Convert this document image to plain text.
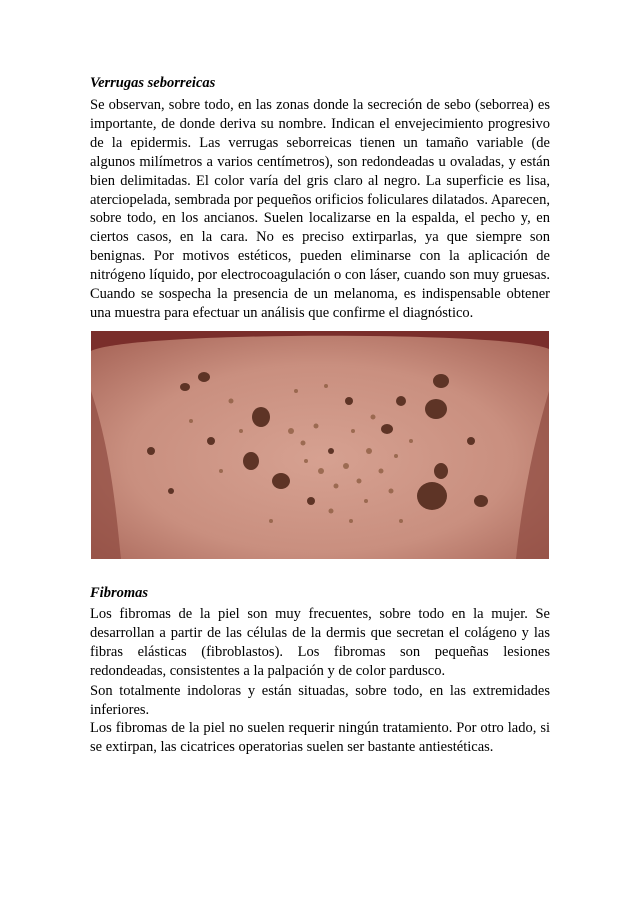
Verrugas seborreicas

Se observan, sobre todo, en las zonas donde la secreción de sebo (seborrea) es importante, de donde deriva su nombre. Indican el envejecimiento progresivo de la epidermis. Las verrugas seborreicas tienen un tamaño variable (de algunos milímetros a varios centímetros), son redondeadas u ovaladas, y están bien delimitadas. El color varía del gris claro al negro. La superficie es lisa, aterciopelada, sembrada por pequeños orificios foliculares dilatados. Aparecen, sobre todo, en los ancianos. Suelen localizarse en la espalda, el pecho y, en ciertos casos, en la cara. No es preciso extirparlas, ya que siempre son benignas. Por motivos estéticos, pueden eliminarse con la aplicación de nitrógeno líquido, por electrocoagulación o con láser, cuando son muy gruesas. Cuando se sospecha la presencia de un melanoma, es indispensable obtener una muestra para efectuar un análisis que confirme el diagnóstico.

Fibromas

Los fibromas de la piel son muy frecuentes, sobre todo en la mujer. Se desarrollan a partir de las células de la dermis que secretan el colágeno y las fibras elásticas (fibroblastos). Los fibromas son pequeñas lesiones redondeadas, consistentes a la palpación y de color pardusco.

Son totalmente indoloras y están situadas, sobre todo, en las extremidades inferiores.

Los fibromas de la piel no suelen requerir ningún tratamiento. Por otro lado, si se extirpan, las cicatrices operatorias suelen ser bastante antiestéticas.
